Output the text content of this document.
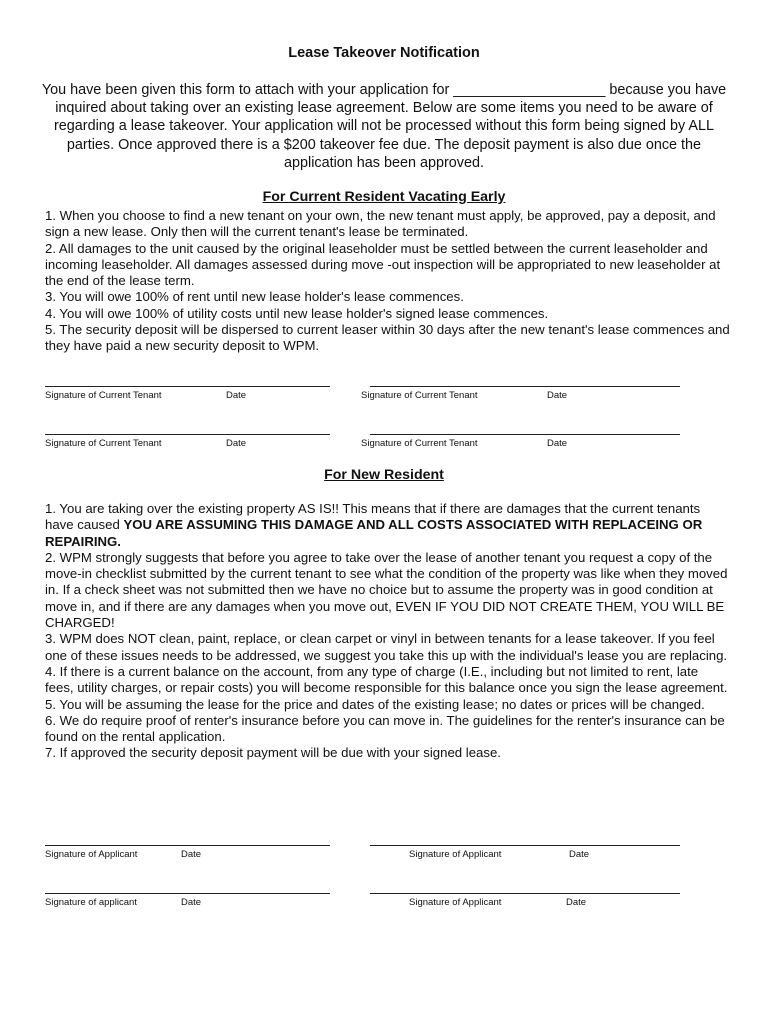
Lease Takeover Notification
You have been given this form to attach with your application for ___________________ because you have inquired about taking over an existing lease agreement. Below are some items you need to be aware of regarding a lease takeover. Your application will not be processed without this form being signed by ALL parties. Once approved there is a $200 takeover fee due. The deposit payment is also due once the application has been approved.
For Current Resident Vacating Early

1. When you choose to find a new tenant on your own, the new tenant must apply, be approved, pay a deposit, and sign a new lease. Only then will the current tenant's lease be terminated.

2. All damages to the unit caused by the original leaseholder must be settled between the current leaseholder and incoming leaseholder. All damages assessed during move -out inspection will be appropriated to new leaseholder at the end of the lease term.

3. You will owe 100% of rent until new lease holder's lease commences.

4. You will owe 100% of utility costs until new lease holder's signed lease commences.

5. The security deposit will be dispersed to current leaser within 30 days after the new tenant's lease commences and they have paid a new security deposit to WPM.

Signature of Current Tenant	Date	Signature of Current Tenant	Date
Signature of Current Tenant	Date	Signature of Current Tenant	Date
For New Resident

1. You are taking over the existing property AS IS!! This means that if there are damages that the current tenants have caused YOU ARE ASSUMING THIS DAMAGE AND ALL COSTS ASSOCIATED WITH REPLACEING OR REPAIRING.

2. WPM strongly suggests that before you agree to take over the lease of another tenant you request a copy of the move-in checklist submitted by the current tenant to see what the condition of the property was like when they moved in. If a check sheet was not submitted then we have no choice but to assume the property was in good condition at move in, and if there are any damages when you move out, EVEN IF YOU DID NOT CREATE THEM, YOU WILL BE CHARGED!

3. WPM does NOT clean, paint, replace, or clean carpet or vinyl in between tenants for a lease takeover. If you feel one of these issues needs to be addressed, we suggest you take this up with the individual's lease you are replacing.

4. If there is a current balance on the account, from any type of charge (I.E., including but not limited to rent, late fees, utility charges, or repair costs) you will become responsible for this balance once you sign the lease agreement.

5. You will be assuming the lease for the price and dates of the existing lease; no dates or prices will be changed.

6. We do require proof of renter's insurance before you can move in. The guidelines for the renter's insurance can be found on the rental application.

7. If approved the security deposit payment will be due with your signed lease.

Signature of Applicant	Date	Signature of Applicant	Date
Signature of applicant	Date	Signature of Applicant	Date
